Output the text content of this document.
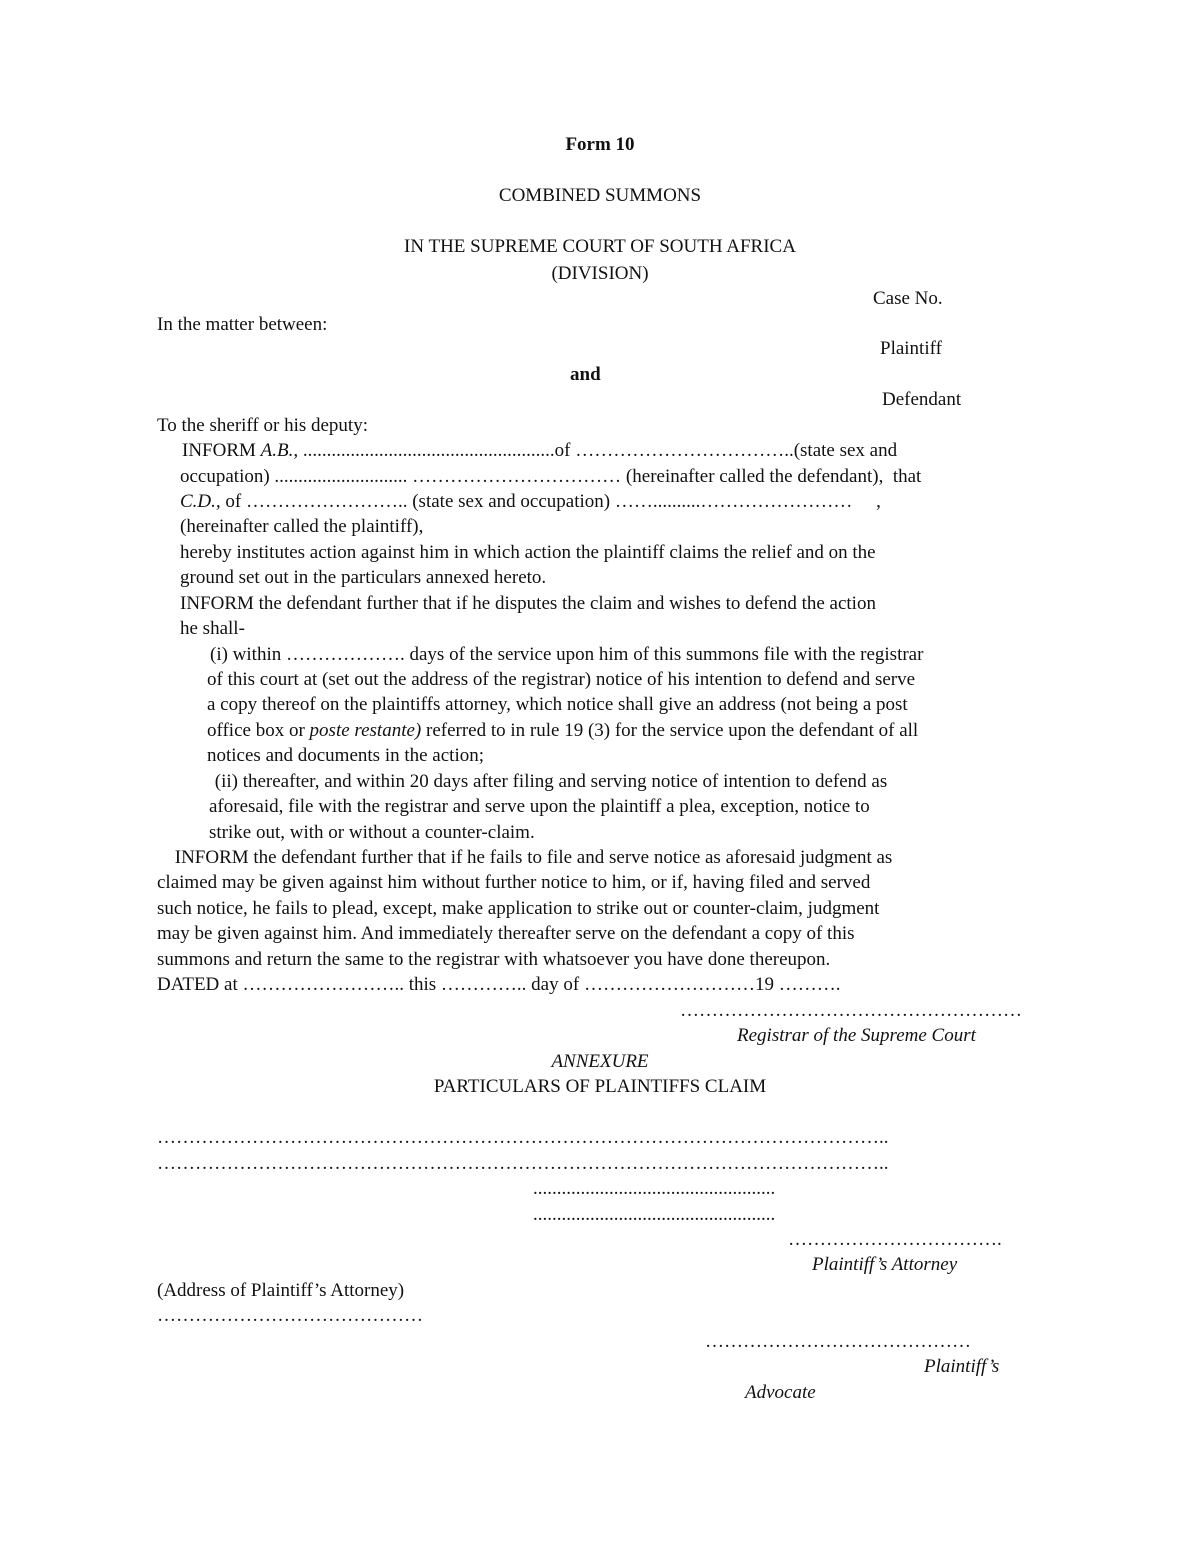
Form 10
COMBINED SUMMONS
IN THE SUPREME COURT OF SOUTH AFRICA
(DIVISION)
Case No.
In the matter between:
Plaintiff
and
Defendant
To the sheriff or his deputy:
INFORM A.B., .....................................................of ……………………………..(state sex and
occupation) ............................ …………………………… (hereinafter called the defendant),  that
C.D., of …………………….. (state sex and occupation) ……..........……………………     ,
(hereinafter called the plaintiff),
hereby institutes action against him in which action the plaintiff claims the relief and on the
ground set out in the particulars annexed hereto.
INFORM the defendant further that if he disputes the claim and wishes to defend the action
he shall-
(i) within ………………. days of the service upon him of this summons file with the registrar
of this court at (set out the address of the registrar) notice of his intention to defend and serve
a copy thereof on the plaintiffs attorney, which notice shall give an address (not being a post
office box or poste restante) referred to in rule 19 (3) for the service upon the defendant of all
notices and documents in the action;
(ii) thereafter, and within 20 days after filing and serving notice of intention to defend as
aforesaid, file with the registrar and serve upon the plaintiff a plea, exception, notice to
strike out, with or without a counter-claim.
INFORM the defendant further that if he fails to file and serve notice as aforesaid judgment as
claimed may be given against him without further notice to him, or if, having filed and served
such notice, he fails to plead, except, make application to strike out or counter-claim, judgment
may be given against him. And immediately thereafter serve on the defendant a copy of this
summons and return the same to the registrar with whatsoever you have done thereupon.
DATED at …………………….. this ………….. day of ………………………19 ……….
………………………………………………
Registrar of the Supreme Court
ANNEXURE
PARTICULARS OF PLAINTIFFS CLAIM
……………………………………………………………………………………………………..
……………………………………………………………………………………………………..
...................................................
...................................................
…………………………….
Plaintiff’s Attorney
(Address of Plaintiff’s Attorney)
……………………………………
……………………………………
Plaintiff’s
Advocate
